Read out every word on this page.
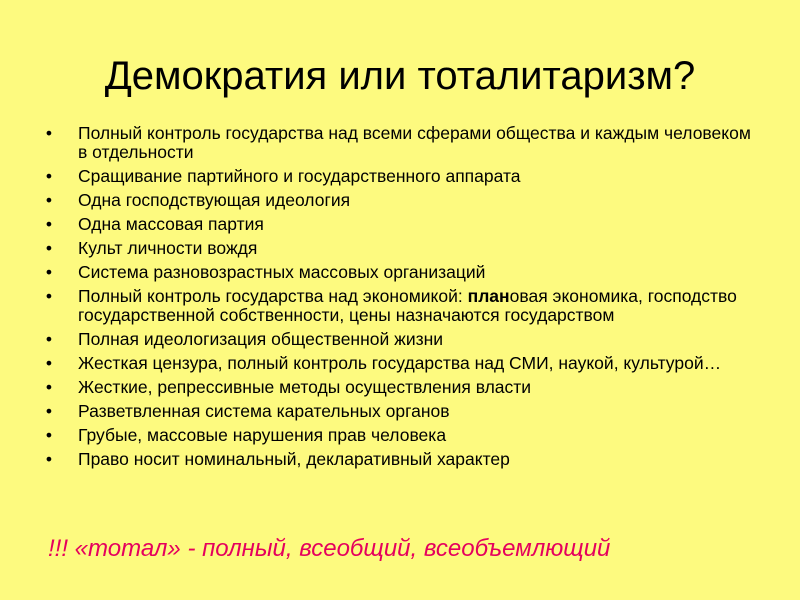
Демократия или тоталитаризм?
• Полный контроль государства над всеми сферами общества и каждым человеком в отдельности
• Сращивание партийного и государственного аппарата
• Одна господствующая идеология
• Одна массовая партия
• Культ личности вождя
• Система разновозрастных массовых организаций
• Полный контроль государства над экономикой: плановая экономика, господство государственной собственности, цены назначаются государством
• Полная идеологизация общественной жизни
• Жесткая цензура, полный контроль государства над СМИ, наукой, культурой…
• Жесткие, репрессивные методы осуществления власти
• Разветвленная система карательных органов
• Грубые, массовые нарушения прав человека
• Право носит номинальный, декларативный характер

!!! «тотал» - полный, всеобщий, всеобъемлющий
